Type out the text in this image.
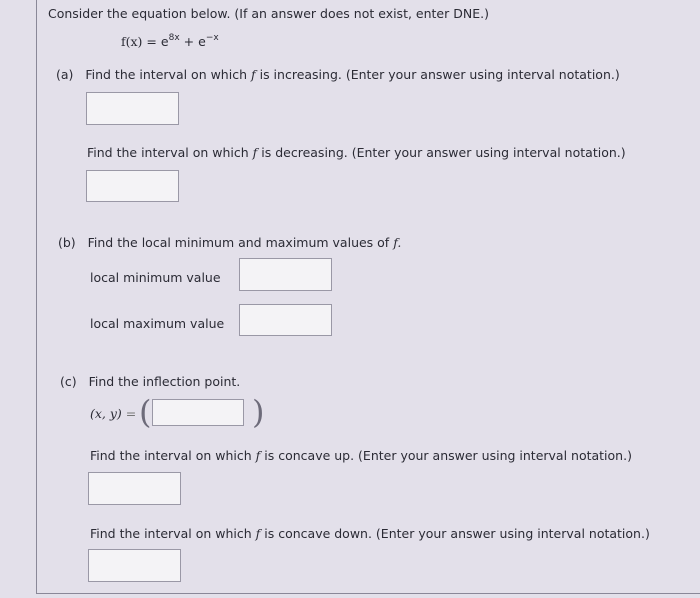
Consider the equation below. (If an answer does not exist, enter DNE.)
$f(x) = e^{8x} + e^{-x}$
(a) Find the interval on which f is increasing. (Enter your answer using interval notation.)
Find the interval on which f is decreasing. (Enter your answer using interval notation.)
(b) Find the local minimum and maximum values of f.
local minimum value
local maximum value
(c) Find the inflection point.
(x, y) = (	)
Find the interval on which f is concave up. (Enter your answer using interval notation.)
Find the interval on which f is concave down. (Enter your answer using interval notation.)
